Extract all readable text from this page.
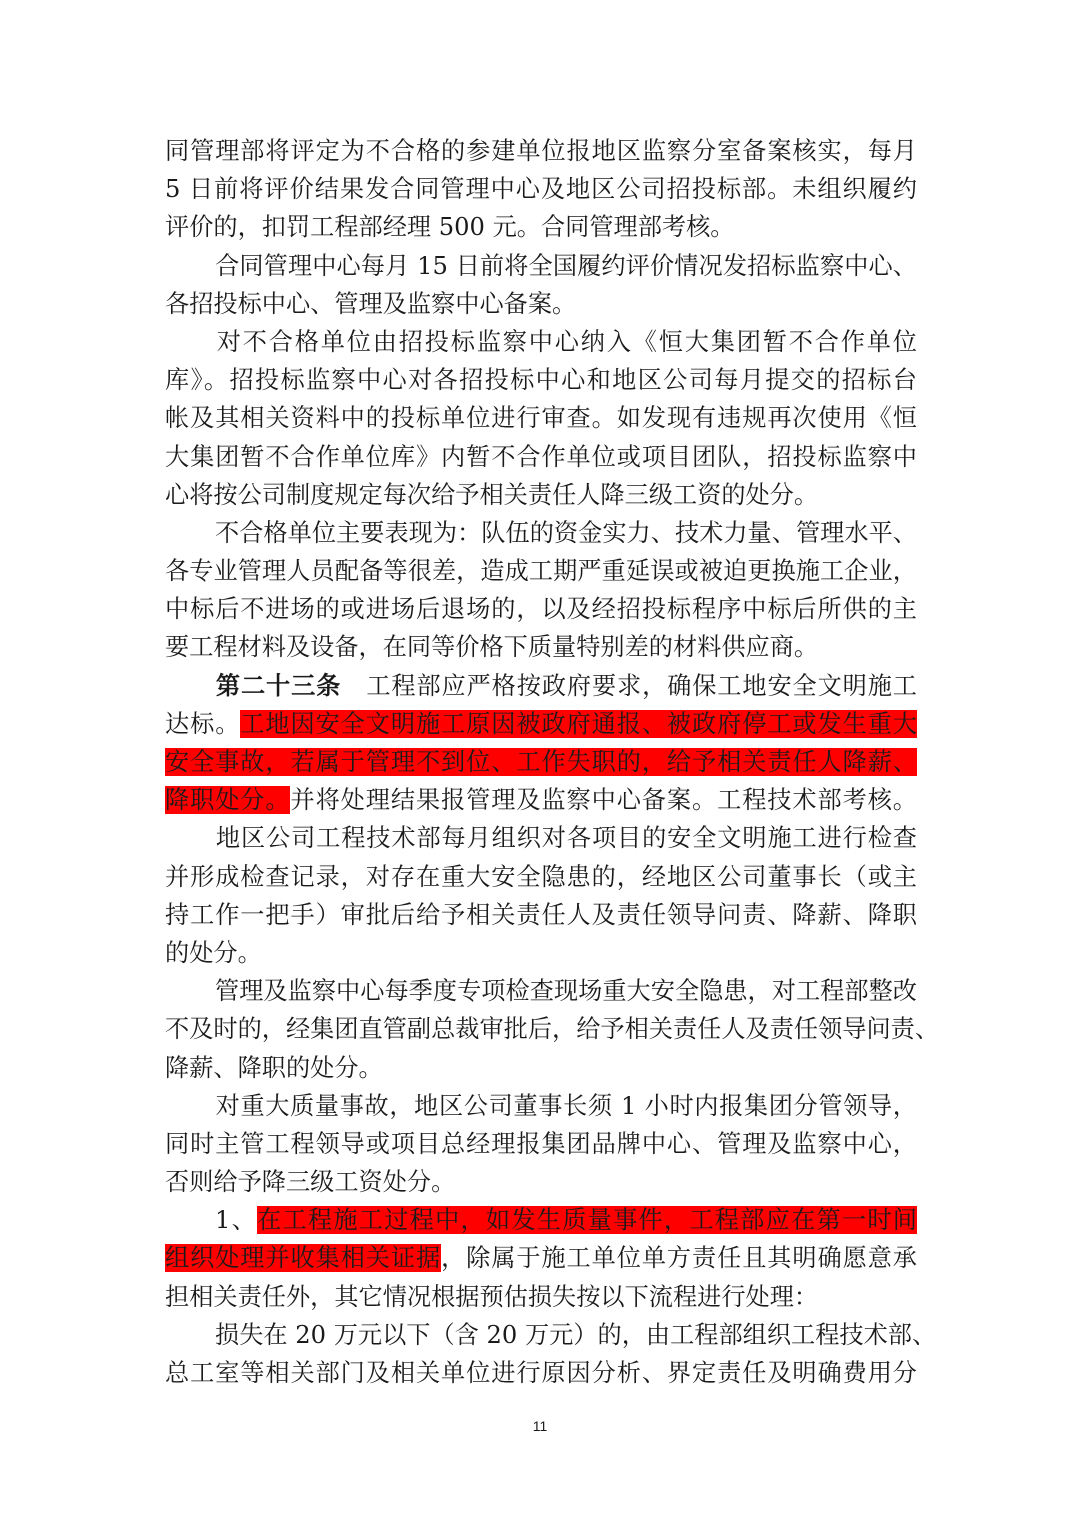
同管理部将评定为不合格的参建单位报地区监察分室备案核实，每月
5 日前将评价结果发合同管理中心及地区公司招投标部。未组织履约
评价的，扣罚工程部经理 500 元。合同管理部考核。
合同管理中心每月 15 日前将全国履约评价情况发招标监察中心、
各招投标中心、管理及监察中心备案。
对不合格单位由招投标监察中心纳入《恒大集团暂不合作单位
库》。招投标监察中心对各招投标中心和地区公司每月提交的招标台
帐及其相关资料中的投标单位进行审查。如发现有违规再次使用《恒
大集团暂不合作单位库》内暂不合作单位或项目团队，招投标监察中
心将按公司制度规定每次给予相关责任人降三级工资的处分。
不合格单位主要表现为：队伍的资金实力、技术力量、管理水平、
各专业管理人员配备等很差，造成工期严重延误或被迫更换施工企业，
中标后不进场的或进场后退场的，以及经招投标程序中标后所供的主
要工程材料及设备，在同等价格下质量特别差的材料供应商。
第二十三条　工程部应严格按政府要求，确保工地安全文明施工
达标。工地因安全文明施工原因被政府通报、被政府停工或发生重大
安全事故，若属于管理不到位、工作失职的，给予相关责任人降薪、
降职处分。并将处理结果报管理及监察中心备案。工程技术部考核。
地区公司工程技术部每月组织对各项目的安全文明施工进行检查
并形成检查记录，对存在重大安全隐患的，经地区公司董事长（或主
持工作一把手）审批后给予相关责任人及责任领导问责、降薪、降职
的处分。
管理及监察中心每季度专项检查现场重大安全隐患，对工程部整改
不及时的，经集团直管副总裁审批后，给予相关责任人及责任领导问责、
降薪、降职的处分。
对重大质量事故，地区公司董事长须 1 小时内报集团分管领导，
同时主管工程领导或项目总经理报集团品牌中心、管理及监察中心，
否则给予降三级工资处分。
1、在工程施工过程中，如发生质量事件，工程部应在第一时间
组织处理并收集相关证据，除属于施工单位单方责任且其明确愿意承
担相关责任外，其它情况根据预估损失按以下流程进行处理：
损失在 20 万元以下（含 20 万元）的，由工程部组织工程技术部、
总工室等相关部门及相关单位进行原因分析、界定责任及明确费用分
11
